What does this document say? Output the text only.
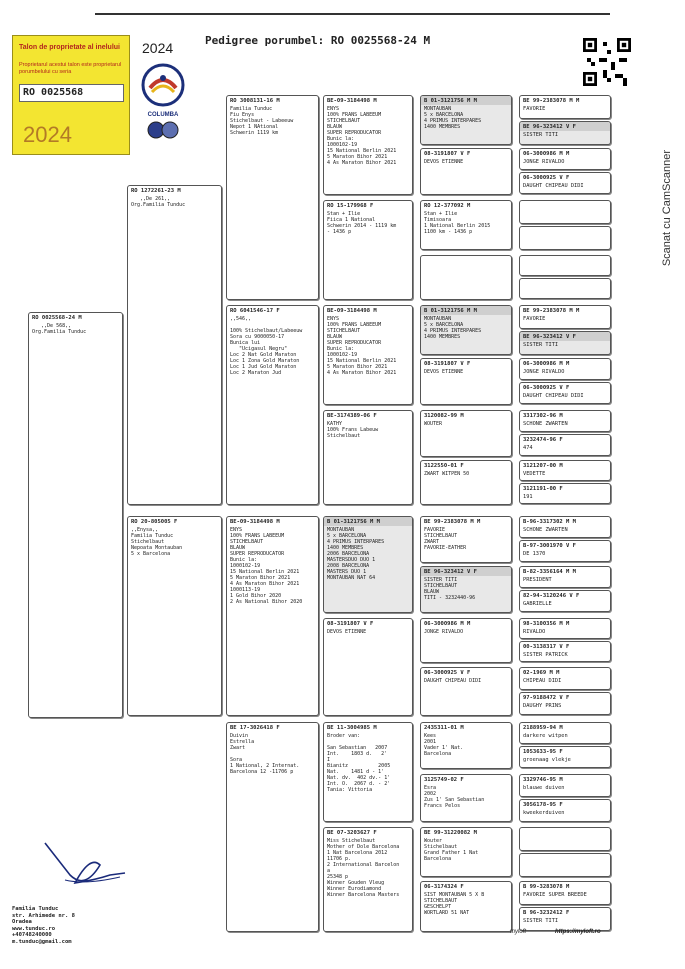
Talon de proprietate al inelului
Proprietarul acestui talon este proprietarul porumbelului cu seria
RO 0025568
2024
2024
COLUMBA
Pedigree porumbel: RO 0025568-24 M
Scanat cu CamScanner
RO 0025568-24 M
,,De 568,,
Org.Familia Tunduc
RO 1272261-23 M
,,De 261,,
Org.Familia Tunduc
RO 20-805005 F
,,Enysa,,
Familia Tunduc
Stichelbaut
Nepoata Montauban
5 x Barcelona
RO 3008131-16 M
Familia Tunduc
Fiu Enys
Stichelbaut - Labeeuw
Nepot 1 NAtional
Schwerin 1119 km
RO 6041546-17 F
,,546,,

100% Stichelbaut/Labeeuw
Sora cu 9000050-17
Bunica lui
"Ucigasul Negru"
Loc 2 Nat Gold Maraton
Loc 1 Zona Gold Maraton
Loc 1 Jud Gold Maraton
Loc 2 Maraton Jud
BE-09-3184498 M
ENYS
100% FRANS LABEEUM
STICHELBAUT
BLAUW
SUPER REPRODUCATOR
Bunic la:
1000102-19
15 National Berlin 2021
5 Maraton Bihor 2021
4 As Maraton Bihor 2021
1000113-19
1 Gold Bihor 2020
2 As National Bihor 2020
BE 17-3026418 F
Duivin
Estrella
Zwart

Sora
1 National, 2 Internat.
Barcelona 12 -11706 p
BE-09-3184498 M
ENYS
100% FRANS LABEEUM
STICHELBAUT
BLAUW
SUPER REPRODUCATOR
Bunic la:
1000102-19
15 National Berlin 2021
5 Maraton Bihor 2021
4 As Maraton Bihor 2021
RO 15-179968 F
Stan + Ilie
Fiica 1 National
Schwerin 2014 - 1119 km
- 1436 p
BE-09-3184498 M
ENYS
100% FRANS LABEEUM
STICHELBAUT
BLAUW
SUPER REPRODUCATOR
Bunic la:
1000102-19
15 National Berlin 2021
5 Maraton Bihor 2021
4 As Maraton Bihor 2021
BE-3174389-06 F
KATHY
100% Frans Labeuw
Stichelbaut
B 01-3121756 M M
MONTAUBAN
5 x BARCELONA
4 PRIMUS INTERPARES
1400 MEMBRES
2006 BARCELONA
MASTERSDUO DUO 1
2008 BARCELONA
MASTERS DUO 1
MONTAUBAN NAT 64
08-3191807 V F
DEVOS ETIENNE
BE 11-3004985 M
Broder van:

San Sebastian   2007
Int.    1803 d.   2'
I
Bianitz          2005
Nat.    1481 d - 1'
Nat. dv.  402 dv.- 1'
Int. O.  2067 d. - 2'
Tania: Vittoria
BE 07-3203627 F
Miss Stichelbaut
Mother of Dole Barcelona
1 Nat Barcelona 2012
11706 p.
2 International Barcelon
a
25348 p
Winner Gouden Vleug
Winner Eurodiamond
Winner Barcelona Masters
B 01-3121756 M M
MONTAUBAN
5 x BARCELONA
4 PRIMUS INTERPARES
1400 MEMBRES
08-3191807 V F
DEVOS ETIENNE
RO 12-377092 M
Stan + Ilie
Timisoara
1 National Berlin 2015
1100 km - 1436 p
B 01-3121756 M M
MONTAUBAN
5 x BARCELONA
4 PRIMUS INTERPARES
1400 MEMBRES
08-3191807 V F
DEVOS ETIENNE
3120082-99 M
WOUTER
3122550-01 F
ZWART WITPEN 50
BE 99-2383078 M M
FAVORIE
STICHELBAUT
ZWART
FAVORIE-EATHER
BE 96-323412 V F
SISTER TITI
STICHELBAUT
BLAUW
TITI - 3232440-96
06-3000986 M M
JONGE RIVALDO
06-3000925 V F
DAUGHT CHIPEAU DIDI
2435311-01 M
Kees
2001
Vader 1' Nat.
Barcelona
3125749-02 F
Esra
2002
Zus 1' San Sebastian
Francs Pelos
BE 99-31220082 M
Wouter
Stichelbaut
Grand Father 1 Nat
Barcelona
06-3174324 F
SIST MONTAUBAN 5 X B
STICHELBAUT
GESCHELPT
WORTLARD 51 NAT
BE 99-2383078 M M
FAVORIE
BE 96-323412 V F
SISTER TITI
06-3000986 M M
JONGE RIVALDO
06-3000925 V F
DAUGHT CHIPEAU DIDI
BE 99-2383078 M M
FAVORIE
BE 96-323412 V F
SISTER TITI
06-3000986 M M
JONGE RIVALDO
06-3000925 V F
DAUGHT CHIPEAU DIDI
3317302-96 M
SCHONE ZWARTEN
3232474-96 F
474
3121207-00 M
VEDETTE
3121191-00 F
191
B-96-3317302 M M
SCHONE ZWARTEN
B-97-3001970 V F
DE 1370
B-82-3356164 M M
PRESIDENT
82-94-3120246 V F
GABRIELLE
98-3100356 M M
RIVALDO
00-3138317 V F
SISTER PATRICK
02-1969 M M
CHIPEAU DIDI
97-9188472 V F
DAUGHY PRINS
2188959-94 M
darkere witpen
1053633-95 F
groenaag vlekje
3329746-95 M
blauwe duiven
3056178-95 F
kweekerduiven
B 99-3283078 M
FAVORIE SUPER BREEDE
B 96-3232412 F
SISTER TITI
Familia Tunduc
str. Arhimede nr. 8
Oradea
www.tunduc.ro
+40748240000
m.tunduc@gmail.com
myloft	https://myloft.ro
